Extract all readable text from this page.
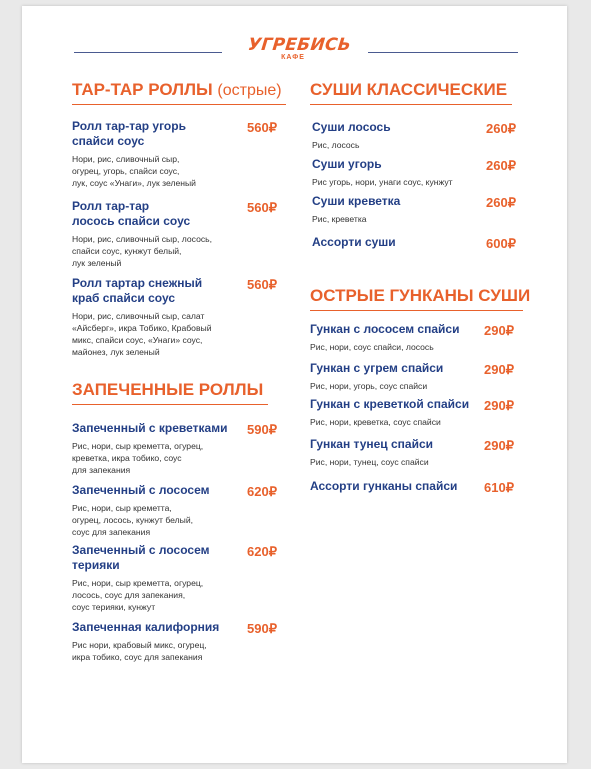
УГРЕБИСЬ
КАФЕ
ТАР-ТАР РОЛЛЫ (острые)
ЗАПЕЧЕННЫЕ РОЛЛЫ
СУШИ КЛАССИЧЕСКИЕ
ОСТРЫЕ ГУНКАНЫ СУШИ
Ролл тар-тар угорь
спайси соус
Нори, рис, сливочный сыр,
огурец, угорь, спайси соус,
лук, соус «Унаги», лук зеленый
560₽
Ролл тар-тар
лосось спайси соус
Нори, рис, сливочный сыр, лосось,
спайси соус, кунжут белый,
лук зеленый
560₽
Ролл тартар снежный
краб спайси соус
Нори, рис, сливочный сыр, салат
«Айсберг», икра Тобико, Крабовый
микс, спайси соус, «Унаги» соус,
майонез, лук зеленый
560₽
Запеченный с креветками
Рис, нори, сыр креметта, огурец,
креветка, икра тобико, соус
для запекания
590₽
Запеченный с лососем
Рис, нори, сыр креметта,
огурец, лосось, кунжут белый,
соус для запекания
620₽
Запеченный с лососем
терияки
Рис, нори, сыр креметта, огурец,
лосось, соус для запекания,
соус терияки, кунжут
620₽
Запеченная калифорния
Рис нори, крабовый микс, огурец,
икра тобико, соус для запекания
590₽
Суши лосось
Рис, лосось
260₽
Суши угорь
Рис угорь, нори, унаги соус, кунжут
260₽
Суши креветка
Рис, креветка
260₽
Ассорти суши	600₽
Гункан с лососем спайси
Рис, нори, соус спайси, лосось
290₽
Гункан с угрем спайси
Рис, нори, угорь, соус спайси
290₽
Гункан с креветкой спайси
Рис, нори, креветка, соус спайси
290₽
Гункан тунец спайси
Рис, нори, тунец, соус спайси
290₽
Ассорти гунканы спайси 610₽
